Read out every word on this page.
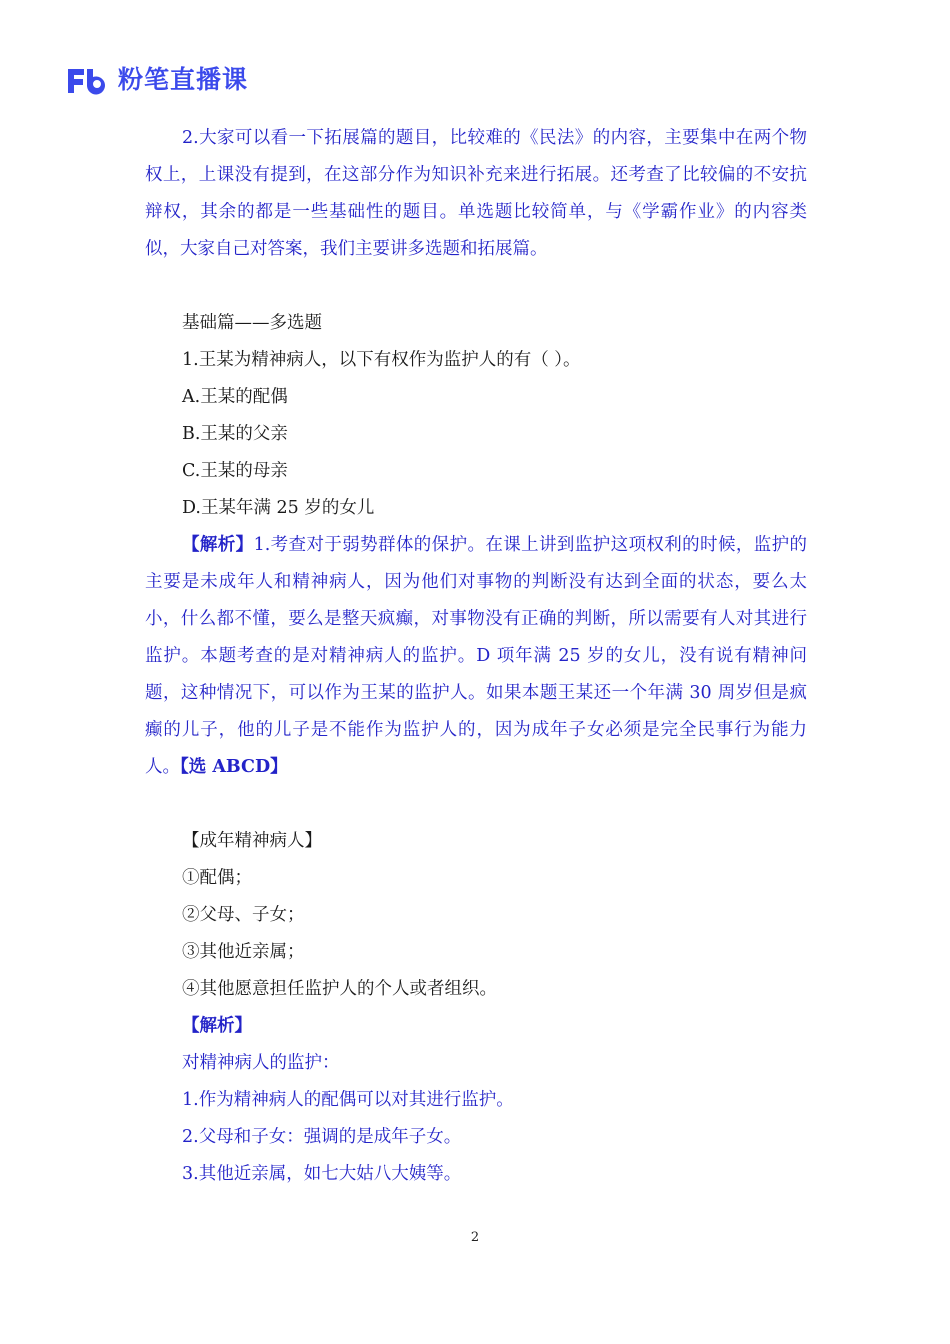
粉笔直播课

2.大家可以看一下拓展篇的题目，比较难的《民法》的内容，主要集中在两个物权上，上课没有提到，在这部分作为知识补充来进行拓展。还考查了比较偏的不安抗辩权，其余的都是一些基础性的题目。单选题比较简单，与《学霸作业》的内容类似，大家自己对答案，我们主要讲多选题和拓展篇。

基础篇——多选题

1.王某为精神病人，以下有权作为监护人的有（ ）。

A.王某的配偶

B.王某的父亲

C.王某的母亲

D.王某年满 25 岁的女儿

【解析】1.考查对于弱势群体的保护。在课上讲到监护这项权利的时候，监护的主要是未成年人和精神病人，因为他们对事物的判断没有达到全面的状态，要么太小，什么都不懂，要么是整天疯癫，对事物没有正确的判断，所以需要有人对其进行监护。本题考查的是对精神病人的监护。D 项年满 25 岁的女儿，没有说有精神问题，这种情况下，可以作为王某的监护人。如果本题王某还一个年满 30 周岁但是疯癫的儿子，他的儿子是不能作为监护人的，因为成年子女必须是完全民事行为能力人。【选 ABCD】

【成年精神病人】

①配偶；

②父母、子女；

③其他近亲属；

④其他愿意担任监护人的个人或者组织。

【解析】

对精神病人的监护：

1.作为精神病人的配偶可以对其进行监护。

2.父母和子女：强调的是成年子女。

3.其他近亲属，如七大姑八大姨等。

2
